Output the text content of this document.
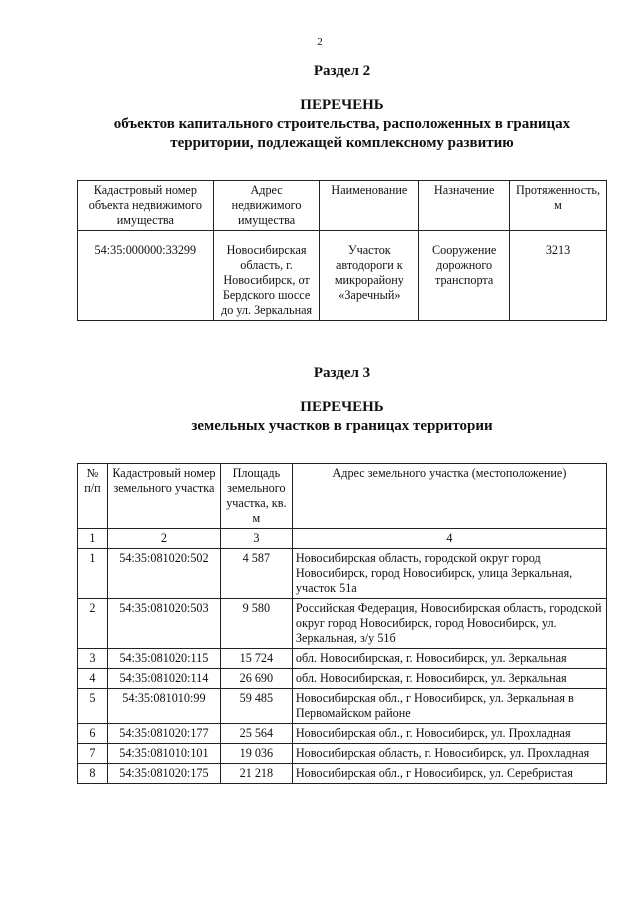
2
Раздел 2
ПЕРЕЧЕНЬ
объектов капитального строительства, расположенных в границах
территории, подлежащей комплексному развитию
Кадастровый номер объекта недвижимого имущества	Адрес недвижимого имущества	Наименование	Назначение	Протяженность, м
54:35:000000:33299	Новосибирская область, г. Новосибирск, от Бердского шоссе до ул. Зеркальная	Участок автодороги к микрорайону «Заречный»	Сооружение дорожного транспорта	3213
Раздел 3
ПЕРЕЧЕНЬ
земельных участков в границах территории
№ п/п	Кадастровый номер земельного участка	Площадь земельного участка, кв. м	Адрес земельного участка (местоположение)
1	2	3	4
1	54:35:081020:502	4 587	Новосибирская область, городской округ город Новосибирск, город Новосибирск, улица Зеркальная, участок 51а
2	54:35:081020:503	9 580	Российская Федерация, Новосибирская область, городской округ город Новосибирск, город Новосибирск, ул. Зеркальная, з/у 51б
3	54:35:081020:115	15 724	обл. Новосибирская, г. Новосибирск, ул. Зеркальная
4	54:35:081020:114	26 690	обл. Новосибирская, г. Новосибирск, ул. Зеркальная
5	54:35:081010:99	59 485	Новосибирская обл., г Новосибирск, ул. Зеркальная в Первомайском районе
6	54:35:081020:177	25 564	Новосибирская обл., г. Новосибирск, ул. Прохладная
7	54:35:081010:101	19 036	Новосибирская область, г. Новосибирск, ул. Прохладная
8	54:35:081020:175	21 218	Новосибирская обл., г Новосибирск, ул. Серебристая
